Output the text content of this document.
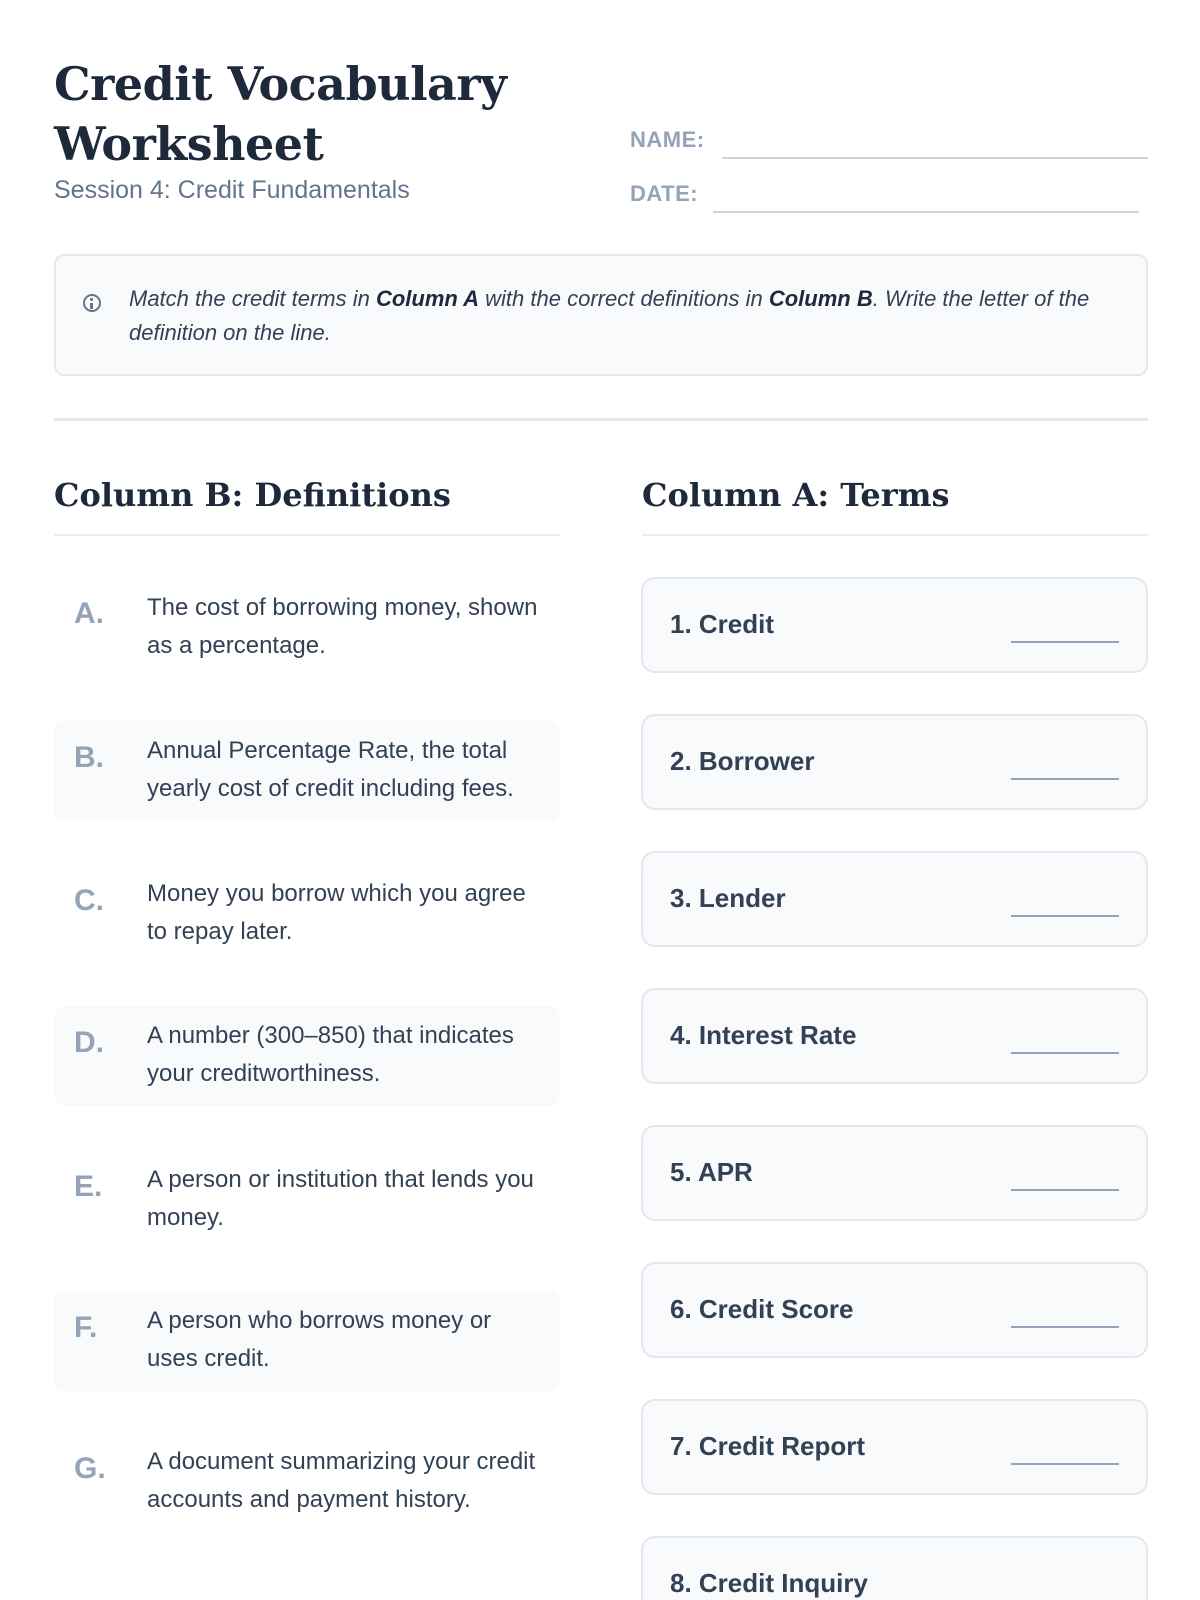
Credit Vocabulary Worksheet
Session 4: Credit Fundamentals
NAME:
DATE:
Match the credit terms in Column A with the correct definitions in Column B. Write the letter of the definition on the line.
Column B: Definitions	Column A: Terms
A. The cost of borrowing money, shown as a percentage.
B. Annual Percentage Rate, the total yearly cost of credit including fees.
C. Money you borrow which you agree to repay later.
D. A number (300–850) that indicates your creditworthiness.
E. A person or institution that lends you money.
F. A person who borrows money or uses credit.
G. A document summarizing your credit accounts and payment history.
1. Credit
2. Borrower
3. Lender
4. Interest Rate
5. APR
6. Credit Score
7. Credit Report
8. Credit Inquiry
